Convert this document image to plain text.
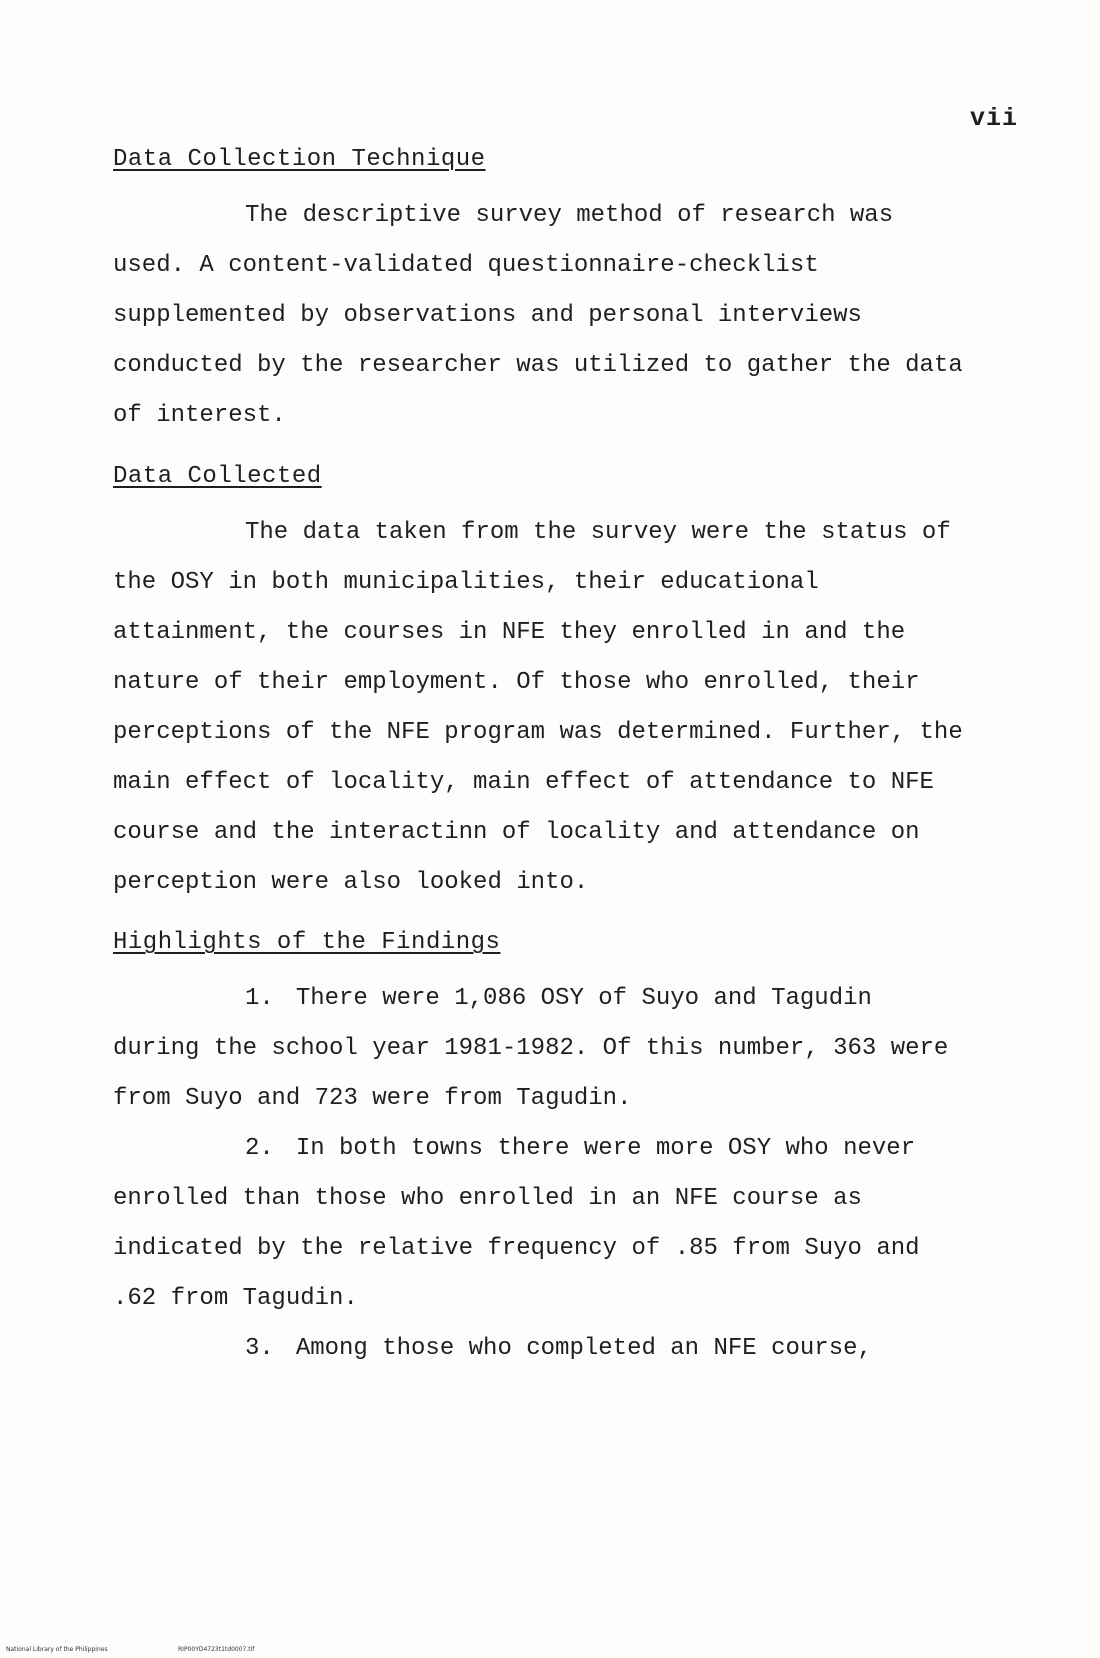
vii
Data Collection Technique

The descriptive survey method of research was used. A content-validated questionnaire-checklist supplemented by observations and personal interviews conducted by the researcher was utilized to gather the data of interest.

Data Collected

The data taken from the survey were the status of the OSY in both municipalities, their educational attainment, the courses in NFE they enrolled in and the nature of their employment. Of those who enrolled, their perceptions of the NFE program was determined. Further, the main effect of locality, main effect of attendance to NFE course and the interactinn of locality and attendance on perception were also looked into.

Highlights of the Findings

1. There were 1,086 OSY of Suyo and Tagudin during the school year 1981-1982. Of this number, 363 were from Suyo and 723 were from Tagudin.

2. In both towns there were more OSY who never enrolled than those who enrolled in an NFE course as indicated by the relative frequency of .85 from Suyo and .62 from Tagudin.

3. Among those who completed an NFE course,

National Library of the Philippines	RIP00YD4723t1td0007.tif
